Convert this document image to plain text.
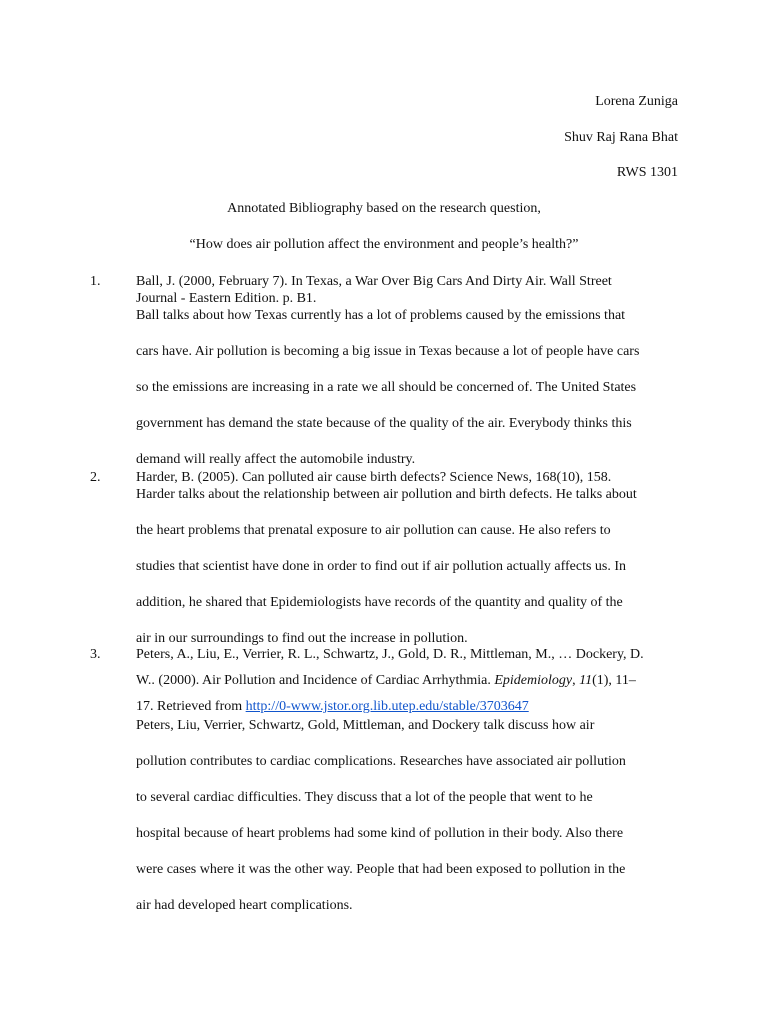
Lorena Zuniga
Shuv Raj Rana Bhat
RWS 1301
Annotated Bibliography based on the research question,
“How does air pollution affect the environment and people’s health?”
1.	Ball, J. (2000, February 7). In Texas, a War Over Big Cars And Dirty Air. Wall Street
Journal - Eastern Edition. p. B1.
Ball talks about how Texas currently has a lot of problems caused by the emissions that
cars have. Air pollution is becoming a big issue in Texas because a lot of people have cars
so the emissions are increasing in a rate we all should be concerned of. The United States
government has demand the state because of the quality of the air. Everybody thinks this
demand will really affect the automobile industry.
2.	Harder, B. (2005). Can polluted air cause birth defects? Science News, 168(10), 158.
Harder talks about the relationship between air pollution and birth defects. He talks about
the heart problems that prenatal exposure to air pollution can cause. He also refers to
studies that scientist have done in order to find out if air pollution actually affects us. In
addition, he shared that Epidemiologists have records of the quantity and quality of the
air in our surroundings to find out the increase in pollution.
3.	Peters, A., Liu, E., Verrier, R. L., Schwartz, J., Gold, D. R., Mittleman, M., … Dockery, D.
W.. (2000). Air Pollution and Incidence of Cardiac Arrhythmia. Epidemiology, 11(1), 11–
17. Retrieved from http://0-www.jstor.org.lib.utep.edu/stable/3703647
Peters, Liu, Verrier, Schwartz, Gold, Mittleman, and Dockery talk discuss how air
pollution contributes to cardiac complications. Researches have associated air pollution
to several cardiac difficulties. They discuss that a lot of the people that went to he
hospital because of heart problems had some kind of pollution in their body. Also there
were cases where it was the other way. People that had been exposed to pollution in the
air had developed heart complications.
